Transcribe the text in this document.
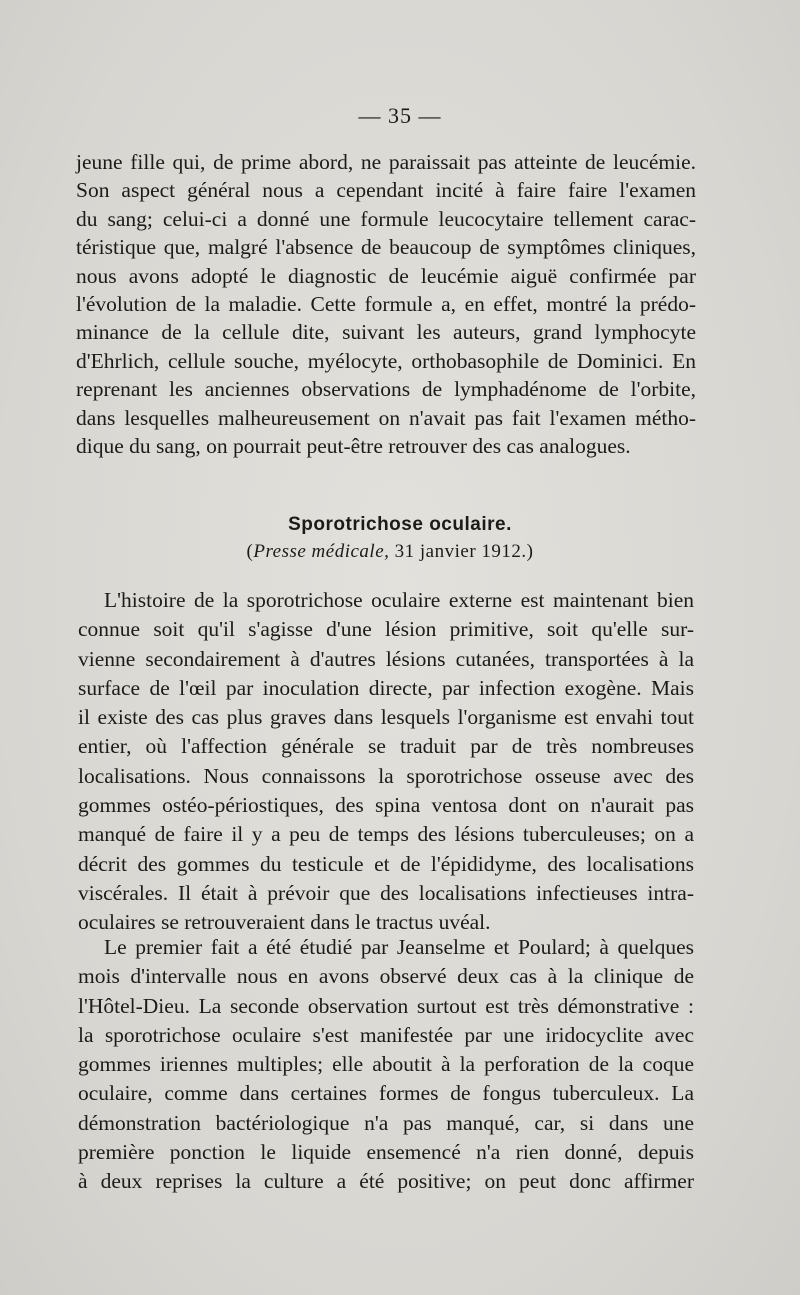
— 35 —
jeune fille qui, de prime abord, ne paraissait pas atteinte de leucémie.
Son aspect général nous a cependant incité à faire faire l'examen
du sang; celui-ci a donné une formule leucocytaire tellement carac-
téristique que, malgré l'absence de beaucoup de symptômes cliniques,
nous avons adopté le diagnostic de leucémie aiguë confirmée par
l'évolution de la maladie. Cette formule a, en effet, montré la prédo-
minance de la cellule dite, suivant les auteurs, grand lymphocyte
d'Ehrlich, cellule souche, myélocyte, orthobasophile de Dominici. En
reprenant les anciennes observations de lymphadénome de l'orbite,
dans lesquelles malheureusement on n'avait pas fait l'examen métho-
dique du sang, on pourrait peut-être retrouver des cas analogues.
Sporotrichose oculaire.
(Presse médicale, 31 janvier 1912.)
L'histoire de la sporotrichose oculaire externe est maintenant bien
connue soit qu'il s'agisse d'une lésion primitive, soit qu'elle sur-
vienne secondairement à d'autres lésions cutanées, transportées à la
surface de l'œil par inoculation directe, par infection exogène. Mais
il existe des cas plus graves dans lesquels l'organisme est envahi tout
entier, où l'affection générale se traduit par de très nombreuses
localisations. Nous connaissons la sporotrichose osseuse avec des
gommes ostéo-périostiques, des spina ventosa dont on n'aurait pas
manqué de faire il y a peu de temps des lésions tuberculeuses; on a
décrit des gommes du testicule et de l'épididyme, des localisations
viscérales. Il était à prévoir que des localisations infectieuses intra-
oculaires se retrouveraient dans le tractus uvéal.
Le premier fait a été étudié par Jeanselme et Poulard; à quelques
mois d'intervalle nous en avons observé deux cas à la clinique de
l'Hôtel-Dieu. La seconde observation surtout est très démonstrative :
la sporotrichose oculaire s'est manifestée par une iridocyclite avec
gommes iriennes multiples; elle aboutit à la perforation de la coque
oculaire, comme dans certaines formes de fongus tuberculeux. La
démonstration bactériologique n'a pas manqué, car, si dans une
première ponction le liquide ensemencé n'a rien donné, depuis
à deux reprises la culture a été positive; on peut donc affirmer
